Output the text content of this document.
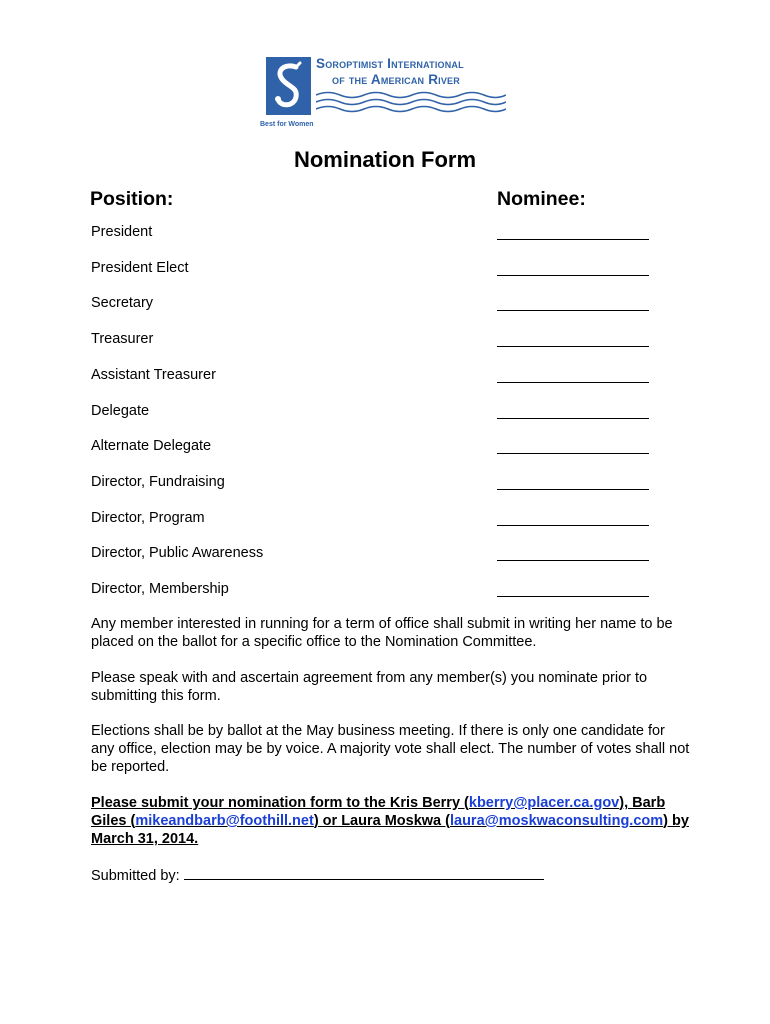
Best for Women
Soroptimist International
of the American River
Nomination Form
Position:	Nominee:
President
President Elect
Secretary
Treasurer
Assistant Treasurer
Delegate
Alternate Delegate
Director, Fundraising
Director, Program
Director, Public Awareness
Director, Membership
Any member interested in running for a term of office shall submit in writing her name to be placed on the ballot for a specific office to the Nomination Committee.
Please speak with and ascertain agreement from any member(s) you nominate prior to submitting this form.
Elections shall be by ballot at the May business meeting. If there is only one candidate for any office, election may be by voice. A majority vote shall elect. The number of votes shall not be reported.
Please submit your nomination form to the Kris Berry (kberry@placer.ca.gov), Barb Giles (mikeandbarb@foothill.net) or Laura Moskwa (laura@moskwaconsulting.com) by March 31, 2014.
Submitted by:
